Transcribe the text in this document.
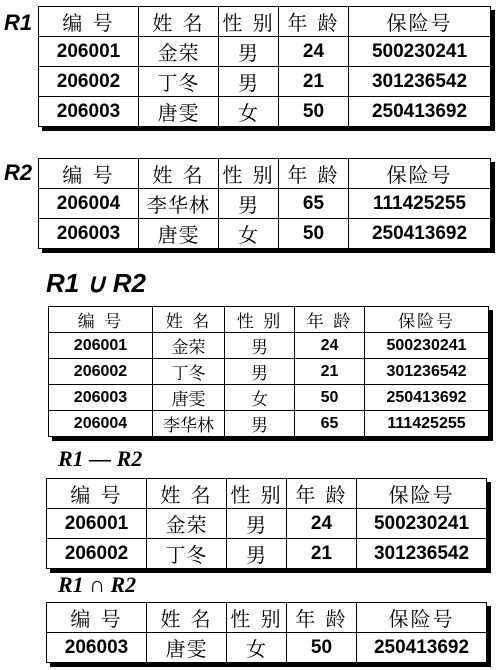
R1 编 号	姓 名	性 别	年 龄	保险号
206001	金荣	男	24	500230241
206002	丁冬	男	21	301236542
206003	唐雯	女	50	250413692
R2 编 号	姓 名	性 别	年 龄	保险号
206004	李华林	男	65	111425255
206003	唐雯	女	50	250413692
R1 ∪ R2
编 号	姓 名	性 别	年 龄	保险号
206001	金荣	男	24	500230241
206002	丁冬	男	21	301236542
206003	唐雯	女	50	250413692
206004	李华林	男	65	111425255
R1 — R2
编 号	姓 名	性 别	年 龄	保险号
206001	金荣	男	24	500230241
206002	丁冬	男	21	301236542
R1 ∩ R2
编 号	姓 名	性 别	年 龄	保险号
206003	唐雯	女	50	250413692
